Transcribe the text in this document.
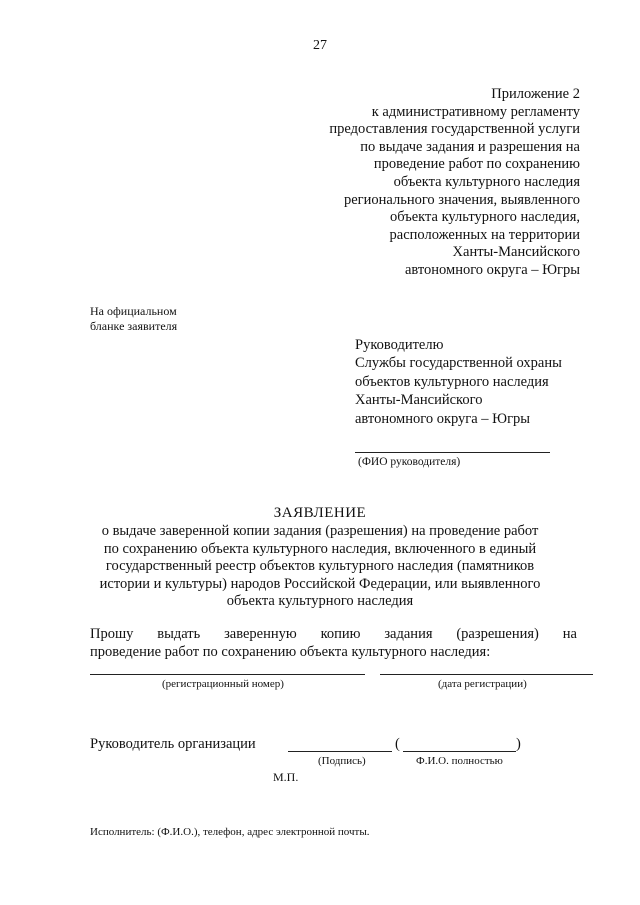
27
Приложение 2
к административному регламенту
предоставления государственной услуги
по выдаче задания и разрешения на
проведение работ по сохранению
объекта культурного наследия
регионального значения, выявленного
объекта культурного наследия,
расположенных на территории
Ханты-Мансийского
автономного округа – Югры
На официальном
бланке заявителя
Руководителю
Службы государственной охраны
объектов культурного наследия
Ханты-Мансийского
автономного округа – Югры
(ФИО руководителя)
ЗАЯВЛЕНИЕ
о выдаче заверенной копии задания (разрешения) на проведение работ
по сохранению объекта культурного наследия, включенного в единый
государственный реестр объектов культурного наследия (памятников
истории и культуры) народов Российской Федерации, или выявленного
объекта культурного наследия
Прошу выдать заверенную копию задания (разрешения) на
проведение работ по сохранению объекта культурного наследия:
(регистрационный номер)	(дата регистрации)
Руководитель организации	(	)
(Подпись)	Ф.И.О. полностью
М.П.
Исполнитель: (Ф.И.О.), телефон, адрес электронной почты.
